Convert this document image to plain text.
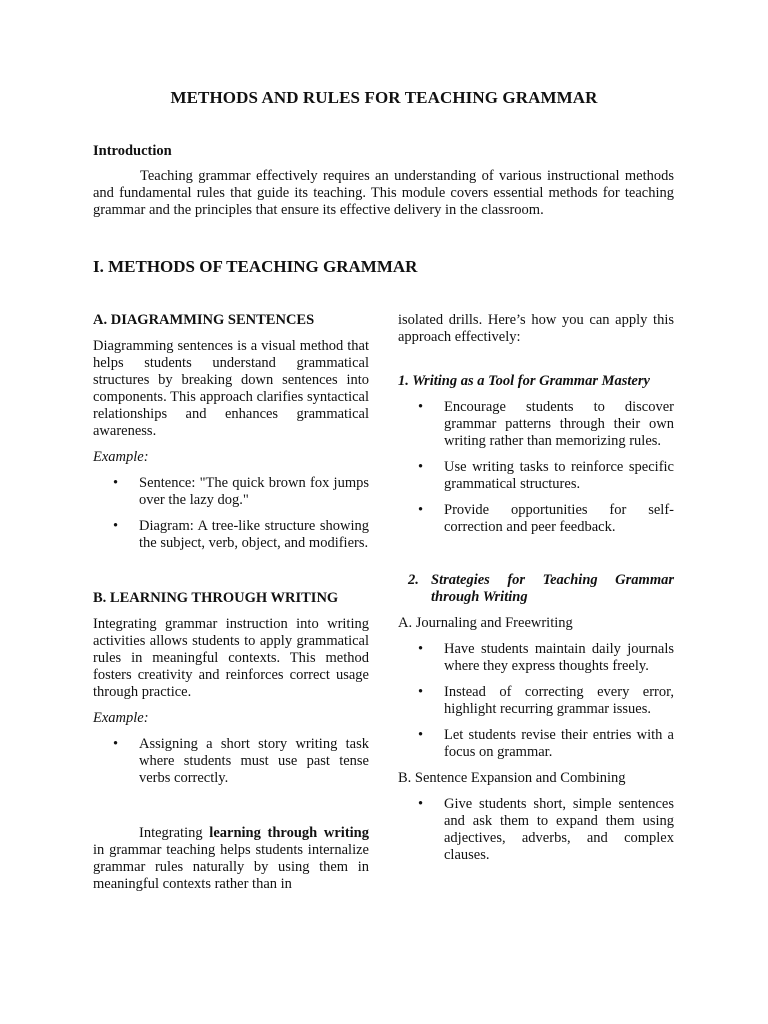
METHODS AND RULES FOR TEACHING GRAMMAR
Introduction
Teaching grammar effectively requires an understanding of various instructional methods and fundamental rules that guide its teaching. This module covers essential methods for teaching grammar and the principles that ensure its effective delivery in the classroom.
I. METHODS OF TEACHING GRAMMAR

A. DIAGRAMMING SENTENCES

Diagramming sentences is a visual method that helps students understand grammatical structures by breaking down sentences into components. This approach clarifies syntactical relationships and enhances grammatical awareness.

Example:

• Sentence: "The quick brown fox jumps over the lazy dog."
• Diagram: A tree-like structure showing the subject, verb, object, and modifiers.

B. LEARNING THROUGH WRITING

Integrating grammar instruction into writing activities allows students to apply grammatical rules in meaningful contexts. This method fosters creativity and reinforces correct usage through practice.

Example:

• Assigning a short story writing task where students must use past tense verbs correctly.

Integrating learning through writing in grammar teaching helps students internalize grammar rules naturally by using them in meaningful contexts rather than in

isolated drills. Here’s how you can apply this approach effectively:

1. Writing as a Tool for Grammar Mastery

• Encourage students to discover grammar patterns through their own writing rather than memorizing rules.
• Use writing tasks to reinforce specific grammatical structures.
• Provide opportunities for self-correction and peer feedback.

2. Strategies for Teaching Grammar through Writing

A. Journaling and Freewriting

• Have students maintain daily journals where they express thoughts freely.
• Instead of correcting every error, highlight recurring grammar issues.
• Let students revise their entries with a focus on grammar.

B. Sentence Expansion and Combining

• Give students short, simple sentences and ask them to expand them using adjectives, adverbs, and complex clauses.
